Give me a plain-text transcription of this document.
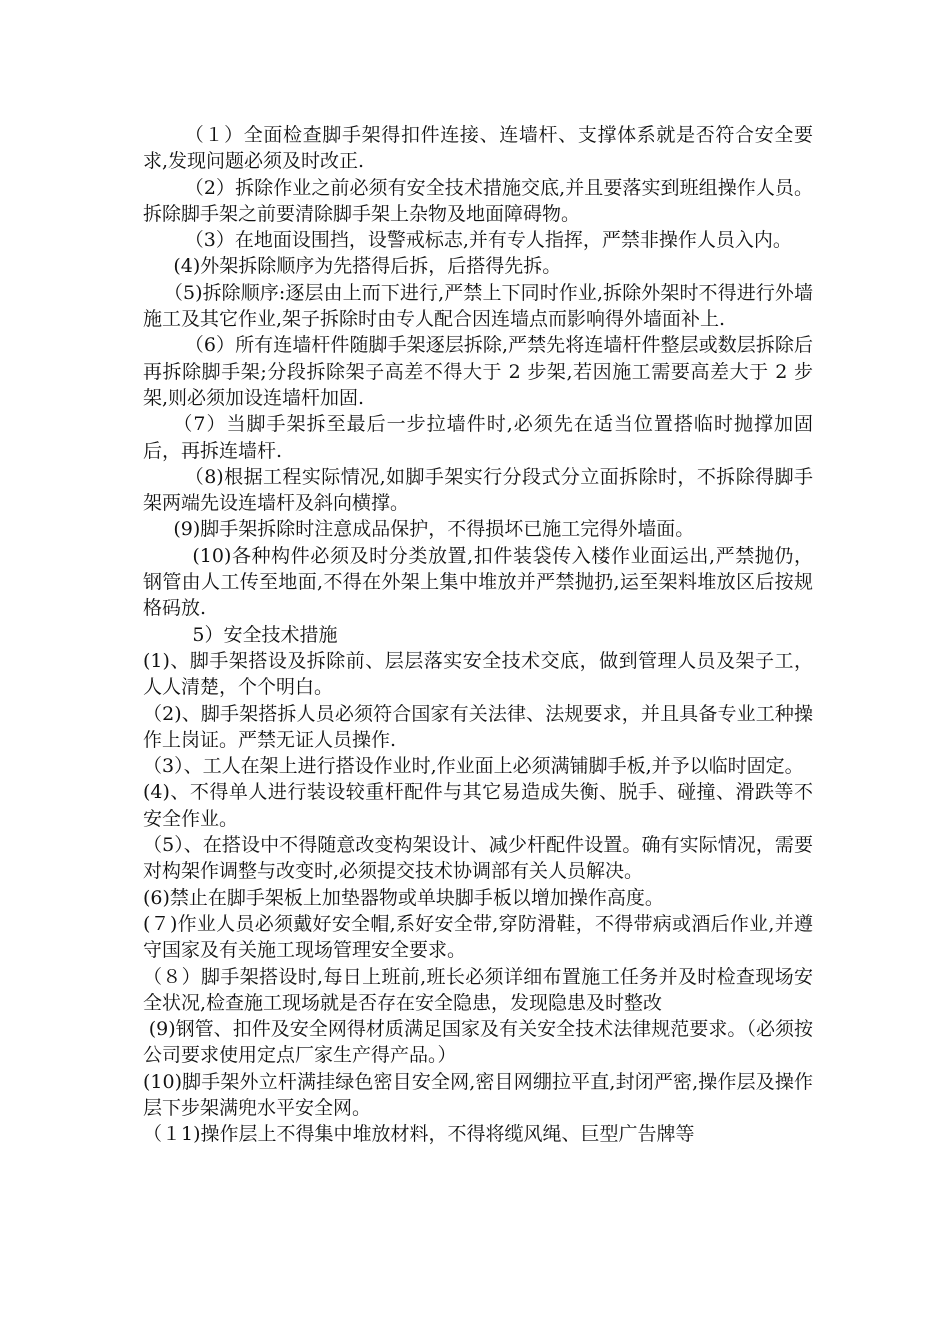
（１）全面检查脚手架得扣件连接、连墙杆、支撑体系就是否符合安全要求,发现问题必须及时改正.

（2）拆除作业之前必须有安全技术措施交底,并且要落实到班组操作人员。拆除脚手架之前要清除脚手架上杂物及地面障碍物。

（3）在地面设围挡，设警戒标志,并有专人指挥，严禁非操作人员入内。

(4)外架拆除顺序为先搭得后拆，后搭得先拆。

（5)拆除顺序:逐层由上而下进行,严禁上下同时作业,拆除外架时不得进行外墙施工及其它作业,架子拆除时由专人配合因连墙点而影响得外墙面补上.

（6）所有连墙杆件随脚手架逐层拆除,严禁先将连墙杆件整层或数层拆除后再拆除脚手架;分段拆除架子高差不得大于 2 步架,若因施工需要高差大于 2 步架,则必须加设连墙杆加固.

（7）当脚手架拆至最后一步拉墙件时,必须先在适当位置搭临时抛撑加固后，再拆连墙杆.

（8)根据工程实际情况,如脚手架实行分段式分立面拆除时，不拆除得脚手架两端先设连墙杆及斜向横撑。

(9)脚手架拆除时注意成品保护，不得损坏已施工完得外墙面。

(10)各种构件必须及时分类放置,扣件装袋传入楼作业面运出,严禁抛仍，钢管由人工传至地面,不得在外架上集中堆放并严禁抛扔,运至架料堆放区后按规格码放.

5）安全技术措施

(1)、脚手架搭设及拆除前、层层落实安全技术交底，做到管理人员及架子工，人人清楚，个个明白。

（2)、脚手架搭拆人员必须符合国家有关法律、法规要求，并且具备专业工种操作上岗证。严禁无证人员操作.

（3）、工人在架上进行搭设作业时,作业面上必须满铺脚手板,并予以临时固定。

(4)、不得单人进行装设较重杆配件与其它易造成失衡、脱手、碰撞、滑跌等不安全作业。

（5）、在搭设中不得随意改变构架设计、减少杆配件设置。确有实际情况，需要对构架作调整与改变时,必须提交技术协调部有关人员解决。

(6)禁止在脚手架板上加垫器物或单块脚手板以增加操作高度。

(７)作业人员必须戴好安全帽,系好安全带,穿防滑鞋，不得带病或酒后作业,并遵守国家及有关施工现场管理安全要求。

（８）脚手架搭设时,每日上班前,班长必须详细布置施工任务并及时检查现场安全状况,检查施工现场就是否存在安全隐患，发现隐患及时整改

(9)钢管、扣件及安全网得材质满足国家及有关安全技术法律规范要求。（必须按公司要求使用定点厂家生产得产品。）

(10)脚手架外立杆满挂绿色密目安全网,密目网绷拉平直,封闭严密,操作层及操作层下步架满兜水平安全网。

（１1)操作层上不得集中堆放材料，不得将缆风绳、巨型广告牌等
